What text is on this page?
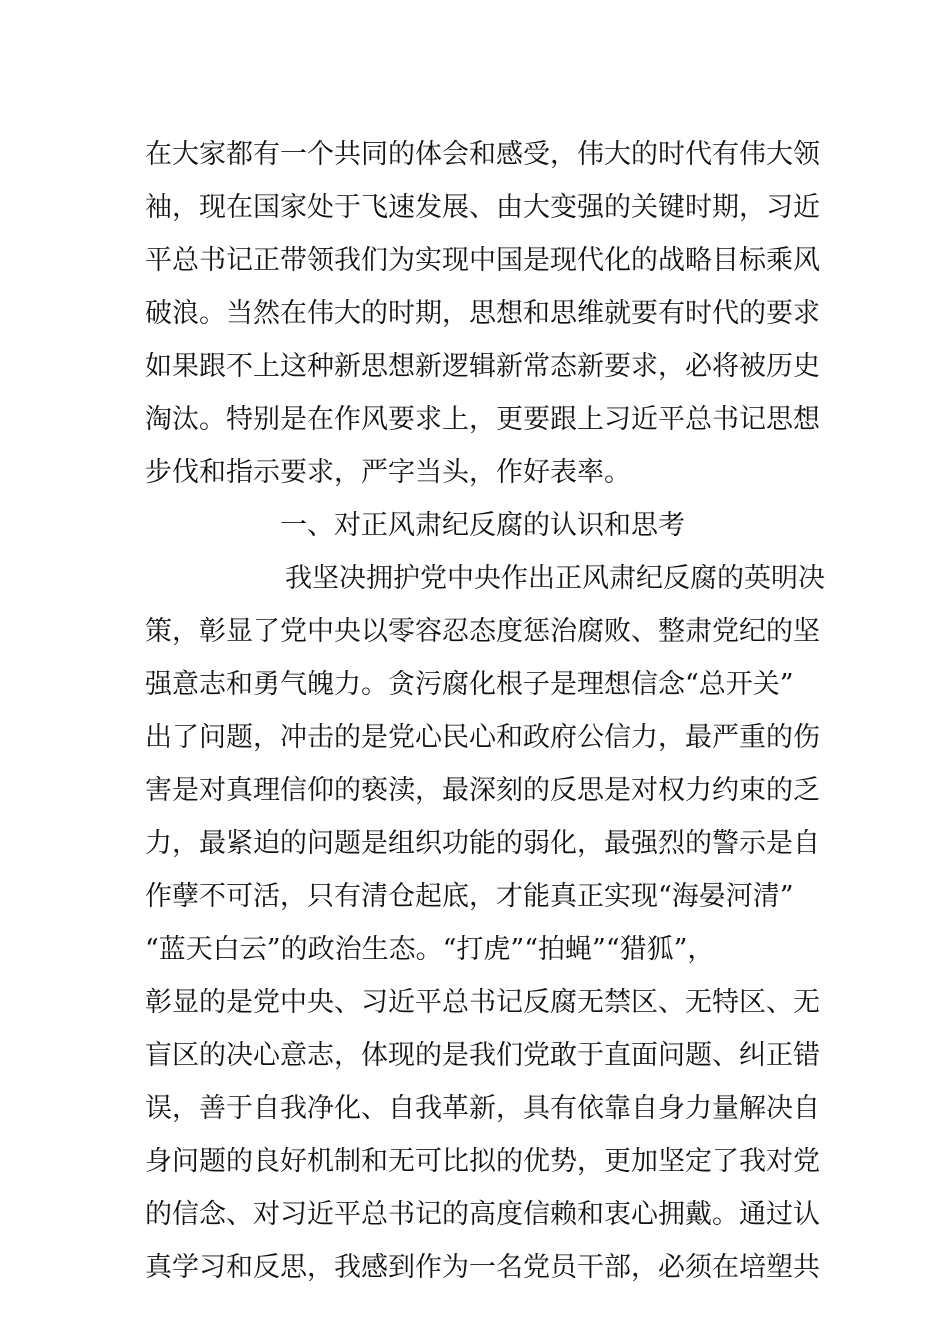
在大家都有一个共同的体会和感受，伟大的时代有伟大领
袖，现在国家处于飞速发展、由大变强的关键时期，习近
平总书记正带领我们为实现中国是现代化的战略目标乘风
破浪。当然在伟大的时期，思想和思维就要有时代的要求
如果跟不上这种新思想新逻辑新常态新要求，必将被历史
淘汰。特别是在作风要求上，更要跟上习近平总书记思想
步伐和指示要求，严字当头，作好表率。
一、对正风肃纪反腐的认识和思考
我坚决拥护党中央作出正风肃纪反腐的英明决
策，彰显了党中央以零容忍态度惩治腐败、整肃党纪的坚
强意志和勇气魄力。贪污腐化根子是理想信念“总开关”
出了问题，冲击的是党心民心和政府公信力，最严重的伤
害是对真理信仰的亵渎，最深刻的反思是对权力约束的乏
力，最紧迫的问题是组织功能的弱化，最强烈的警示是自
作孽不可活，只有清仓起底，才能真正实现“海晏河清”
“蓝天白云”的政治生态。“打虎”“拍蝇”“猎狐”，
彰显的是党中央、习近平总书记反腐无禁区、无特区、无
盲区的决心意志，体现的是我们党敢于直面问题、纠正错
误，善于自我净化、自我革新，具有依靠自身力量解决自
身问题的良好机制和无可比拟的优势，更加坚定了我对党
的信念、对习近平总书记的高度信赖和衷心拥戴。通过认
真学习和反思，我感到作为一名党员干部，必须在培塑共
